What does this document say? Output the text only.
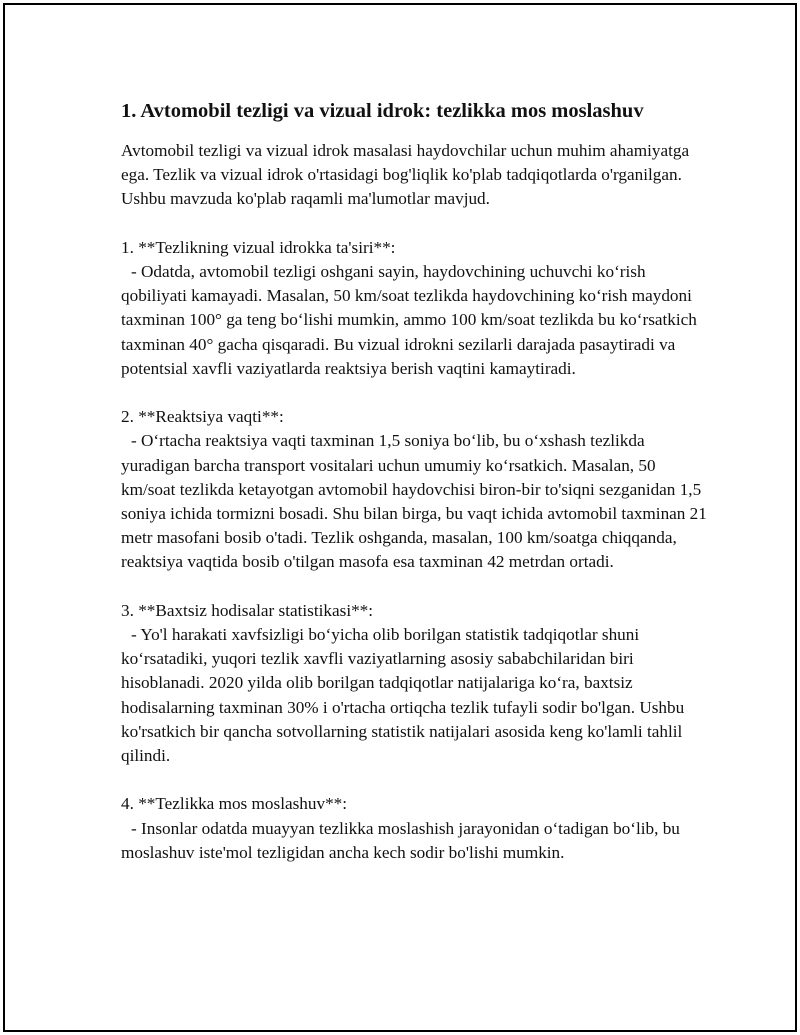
1. Avtomobil tezligi va vizual idrok: tezlikka mos moslashuv

Avtomobil tezligi va vizual idrok masalasi haydovchilar uchun muhim ahamiyatga ega. Tezlik va vizual idrok o'rtasidagi bog'liqlik ko'plab tadqiqotlarda o'rganilgan. Ushbu mavzuda ko'plab raqamli ma'lumotlar mavjud.

1. **Tezlikning vizual idrokka ta'siri**:

- Odatda, avtomobil tezligi oshgani sayin, haydovchining uchuvchi ko‘rish qobiliyati kamayadi. Masalan, 50 km/soat tezlikda haydovchining ko‘rish maydoni taxminan 100° ga teng bo‘lishi mumkin, ammo 100 km/soat tezlikda bu ko‘rsatkich taxminan 40° gacha qisqaradi. Bu vizual idrokni sezilarli darajada pasaytiradi va potentsial xavfli vaziyatlarda reaktsiya berish vaqtini kamaytiradi.

2. **Reaktsiya vaqti**:

- O‘rtacha reaktsiya vaqti taxminan 1,5 soniya bo‘lib, bu o‘xshash tezlikda yuradigan barcha transport vositalari uchun umumiy ko‘rsatkich. Masalan, 50 km/soat tezlikda ketayotgan avtomobil haydovchisi biron-bir to'siqni sezganidan 1,5 soniya ichida tormizni bosadi. Shu bilan birga, bu vaqt ichida avtomobil taxminan 21 metr masofani bosib o'tadi. Tezlik oshganda, masalan, 100 km/soatga chiqqanda, reaktsiya vaqtida bosib o'tilgan masofa esa taxminan 42 metrdan ortadi.

3. **Baxtsiz hodisalar statistikasi**:

- Yo'l harakati xavfsizligi bo‘yicha olib borilgan statistik tadqiqotlar shuni ko‘rsatadiki, yuqori tezlik xavfli vaziyatlarning asosiy sababchilaridan biri hisoblanadi. 2020 yilda olib borilgan tadqiqotlar natijalariga ko‘ra, baxtsiz hodisalarning taxminan 30% i o'rtacha ortiqcha tezlik tufayli sodir bo'lgan. Ushbu ko'rsatkich bir qancha sotvollarning statistik natijalari asosida keng ko'lamli tahlil qilindi.

4. **Tezlikka mos moslashuv**:

- Insonlar odatda muayyan tezlikka moslashish jarayonidan o‘tadigan bo‘lib, bu moslashuv iste'mol tezligidan ancha kech sodir bo'lishi mumkin.
